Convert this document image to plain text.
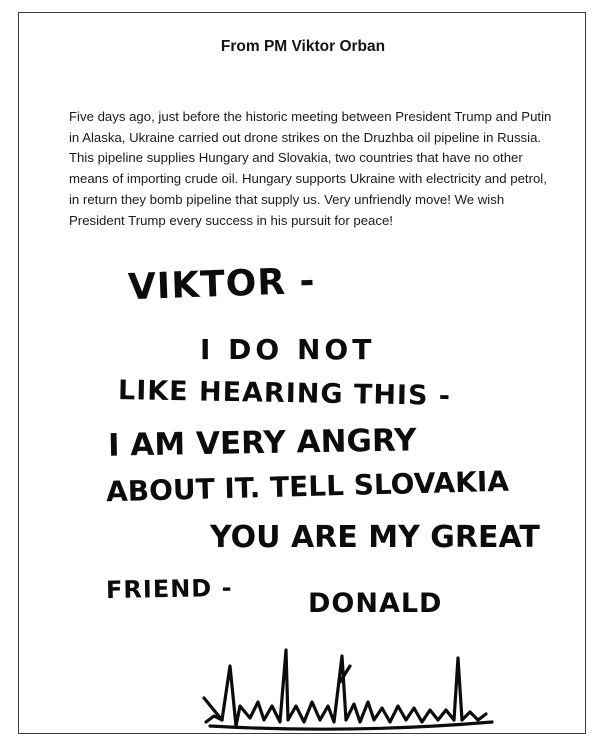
From PM Viktor Orban

Five days ago, just before the historic meeting between President Trump and Putin in Alaska, Ukraine carried out drone strikes on the Druzhba oil pipeline in Russia. This pipeline supplies Hungary and Slovakia, two countries that have no other means of importing crude oil. Hungary supports Ukraine with electricity and petrol, in return they bomb pipeline that supply us. Very unfriendly move! We wish President Trump every success in his pursuit for peace!

VIKTOR -
I DO NOT
LIKE HEARING THIS -
I AM VERY ANGRY
ABOUT IT. TELL SLOVAKIA
YOU ARE MY GREAT
FRIEND -	DONALD
